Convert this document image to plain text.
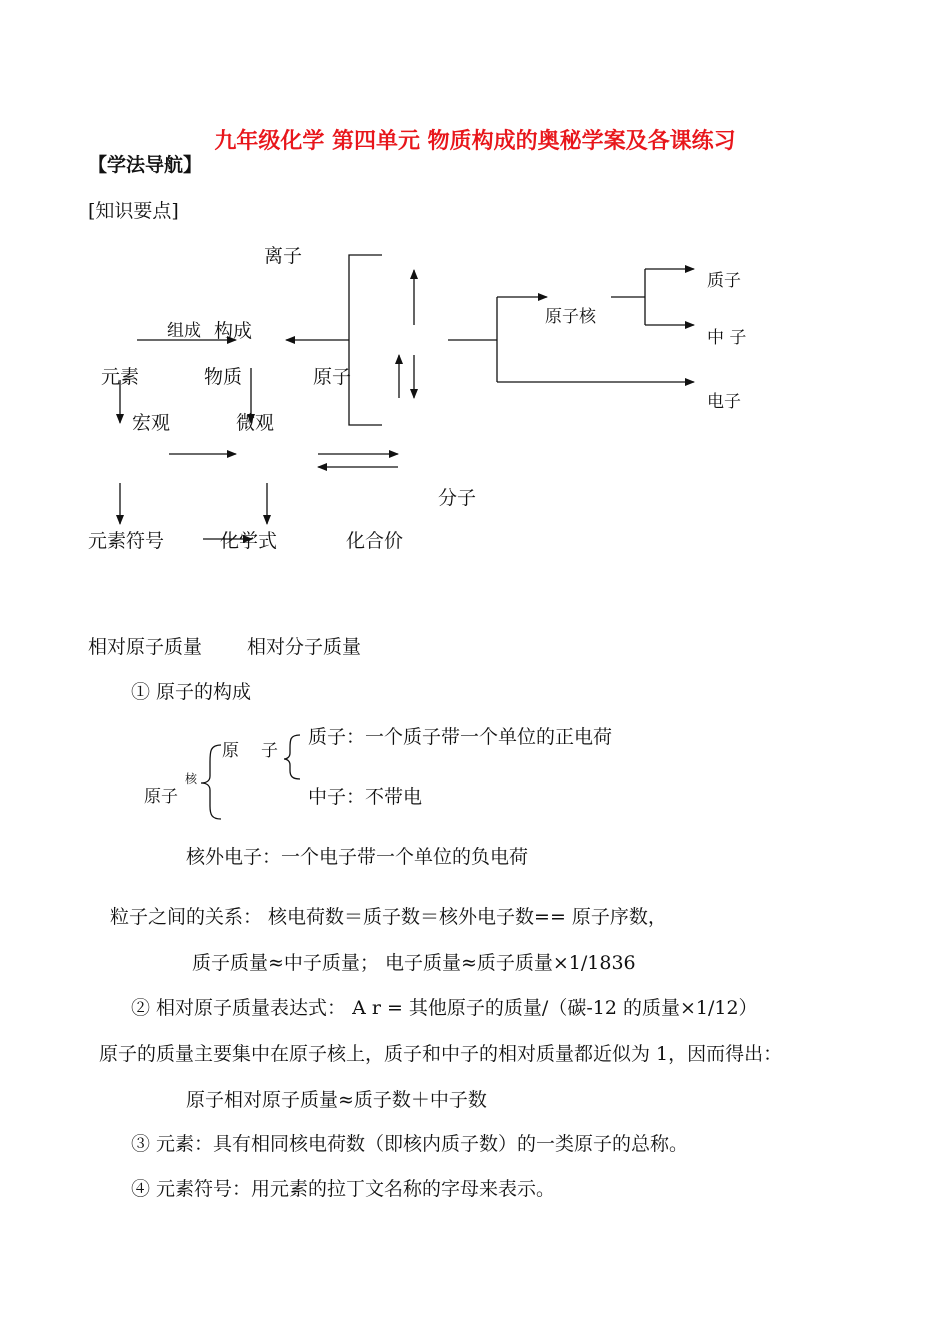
九年级化学 第四单元 物质构成的奥秘学案及各课练习
【学法导航】
[知识要点]
离子
组成 构成
元素	物质	原子
宏观	微观
原子核
质子
中 子
电子
分子
元素符号	化学式	化合价
相对原子质量 相对分子质量
① 原子的构成
原 子
核
原子
质子：一个质子带一个单位的正电荷
中子：不带电
核外电子：一个电子带一个单位的负电荷
粒子之间的关系： 核电荷数＝质子数＝核外电子数== 原子序数，
质子质量≈中子质量； 电子质量≈质子质量×1/1836
② 相对原子质量表达式： A r = 其他原子的质量/（碳-12 的质量×1/12）
原子的质量主要集中在原子核上，质子和中子的相对质量都近似为 1，因而得出：
原子相对原子质量≈质子数＋中子数
③ 元素：具有相同核电荷数（即核内质子数）的一类原子的总称。
④ 元素符号：用元素的拉丁文名称的字母来表示。
